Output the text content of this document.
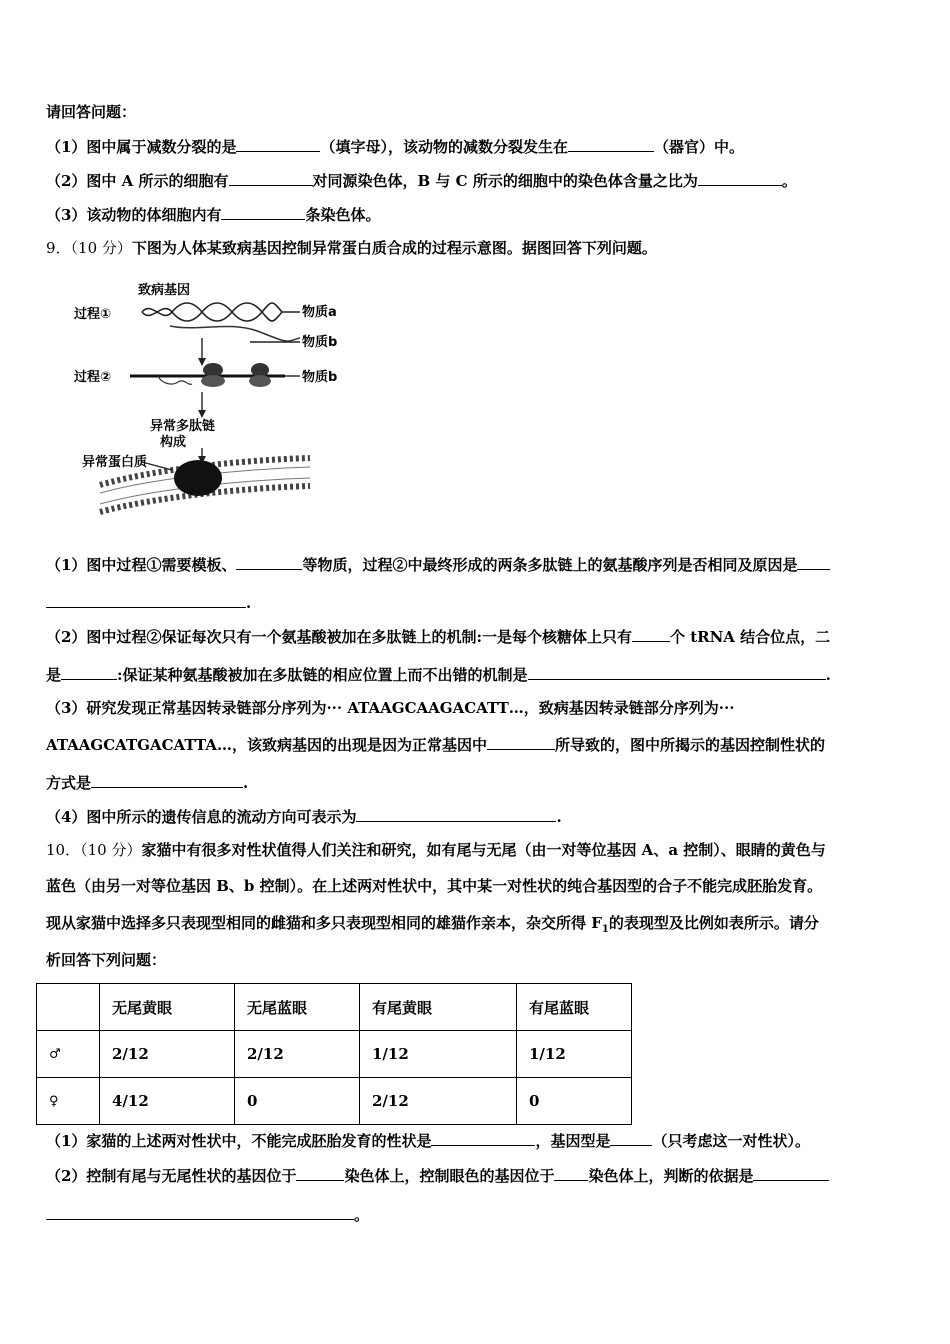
请回答问题：
（1）图中属于减数分裂的是	（填字母），该动物的减数分裂发生在	（器官）中。
（2）图中 A 所示的细胞有	对同源染色体，B 与 C 所示的细胞中的染色体含量之比为	。
（3）该动物的体细胞内有	条染色体。
9．（10 分）下图为人体某致病基因控制异常蛋白质合成的过程示意图。据图回答下列问题。
致病基因
过程①	物质a
物质b
过程②	物质b
异常多肽链
构成
异常蛋白质
（1）图中过程①需要模板、	等物质，过程②中最终形成的两条多肽链上的氨基酸序列是否相同及原因是
.
（2）图中过程②保证每次只有一个氨基酸被加在多肽链上的机制:一是每个核糖体上只有	个 tRNA 结合位点，二
是	:保证某种氨基酸被加在多肽链的相应位置上而不出错的机制是	.
（3）研究发现正常基因转录链部分序列为··· ATAAGCAAGACATT…，致病基因转录链部分序列为···
ATAAGCATGACATTA…，该致病基因的出现是因为正常基因中	所导致的，图中所揭示的基因控制性状的
方式是	.
（4）图中所示的遗传信息的流动方向可表示为	.
10．（10 分）家猫中有很多对性状值得人们关注和研究，如有尾与无尾（由一对等位基因 A、a 控制）、眼睛的黄色与
蓝色（由另一对等位基因 B、b 控制）。在上述两对性状中，其中某一对性状的纯合基因型的合子不能完成胚胎发育。
现从家猫中选择多只表现型相同的雌猫和多只表现型相同的雄猫作亲本，杂交所得 $F_1$的表现型及比例如表所示。请分
析回答下列问题：
	无尾黄眼	无尾蓝眼	有尾黄眼	有尾蓝眼
♂	2/12	2/12	1/12	1/12
♀	4/12	0	2/12	0
（1）家猫的上述两对性状中，不能完成胚胎发育的性状是	，基因型是	（只考虑这一对性状）。
（2）控制有尾与无尾性状的基因位于	染色体上，控制眼色的基因位于 染色体上，判断的依据是
。
